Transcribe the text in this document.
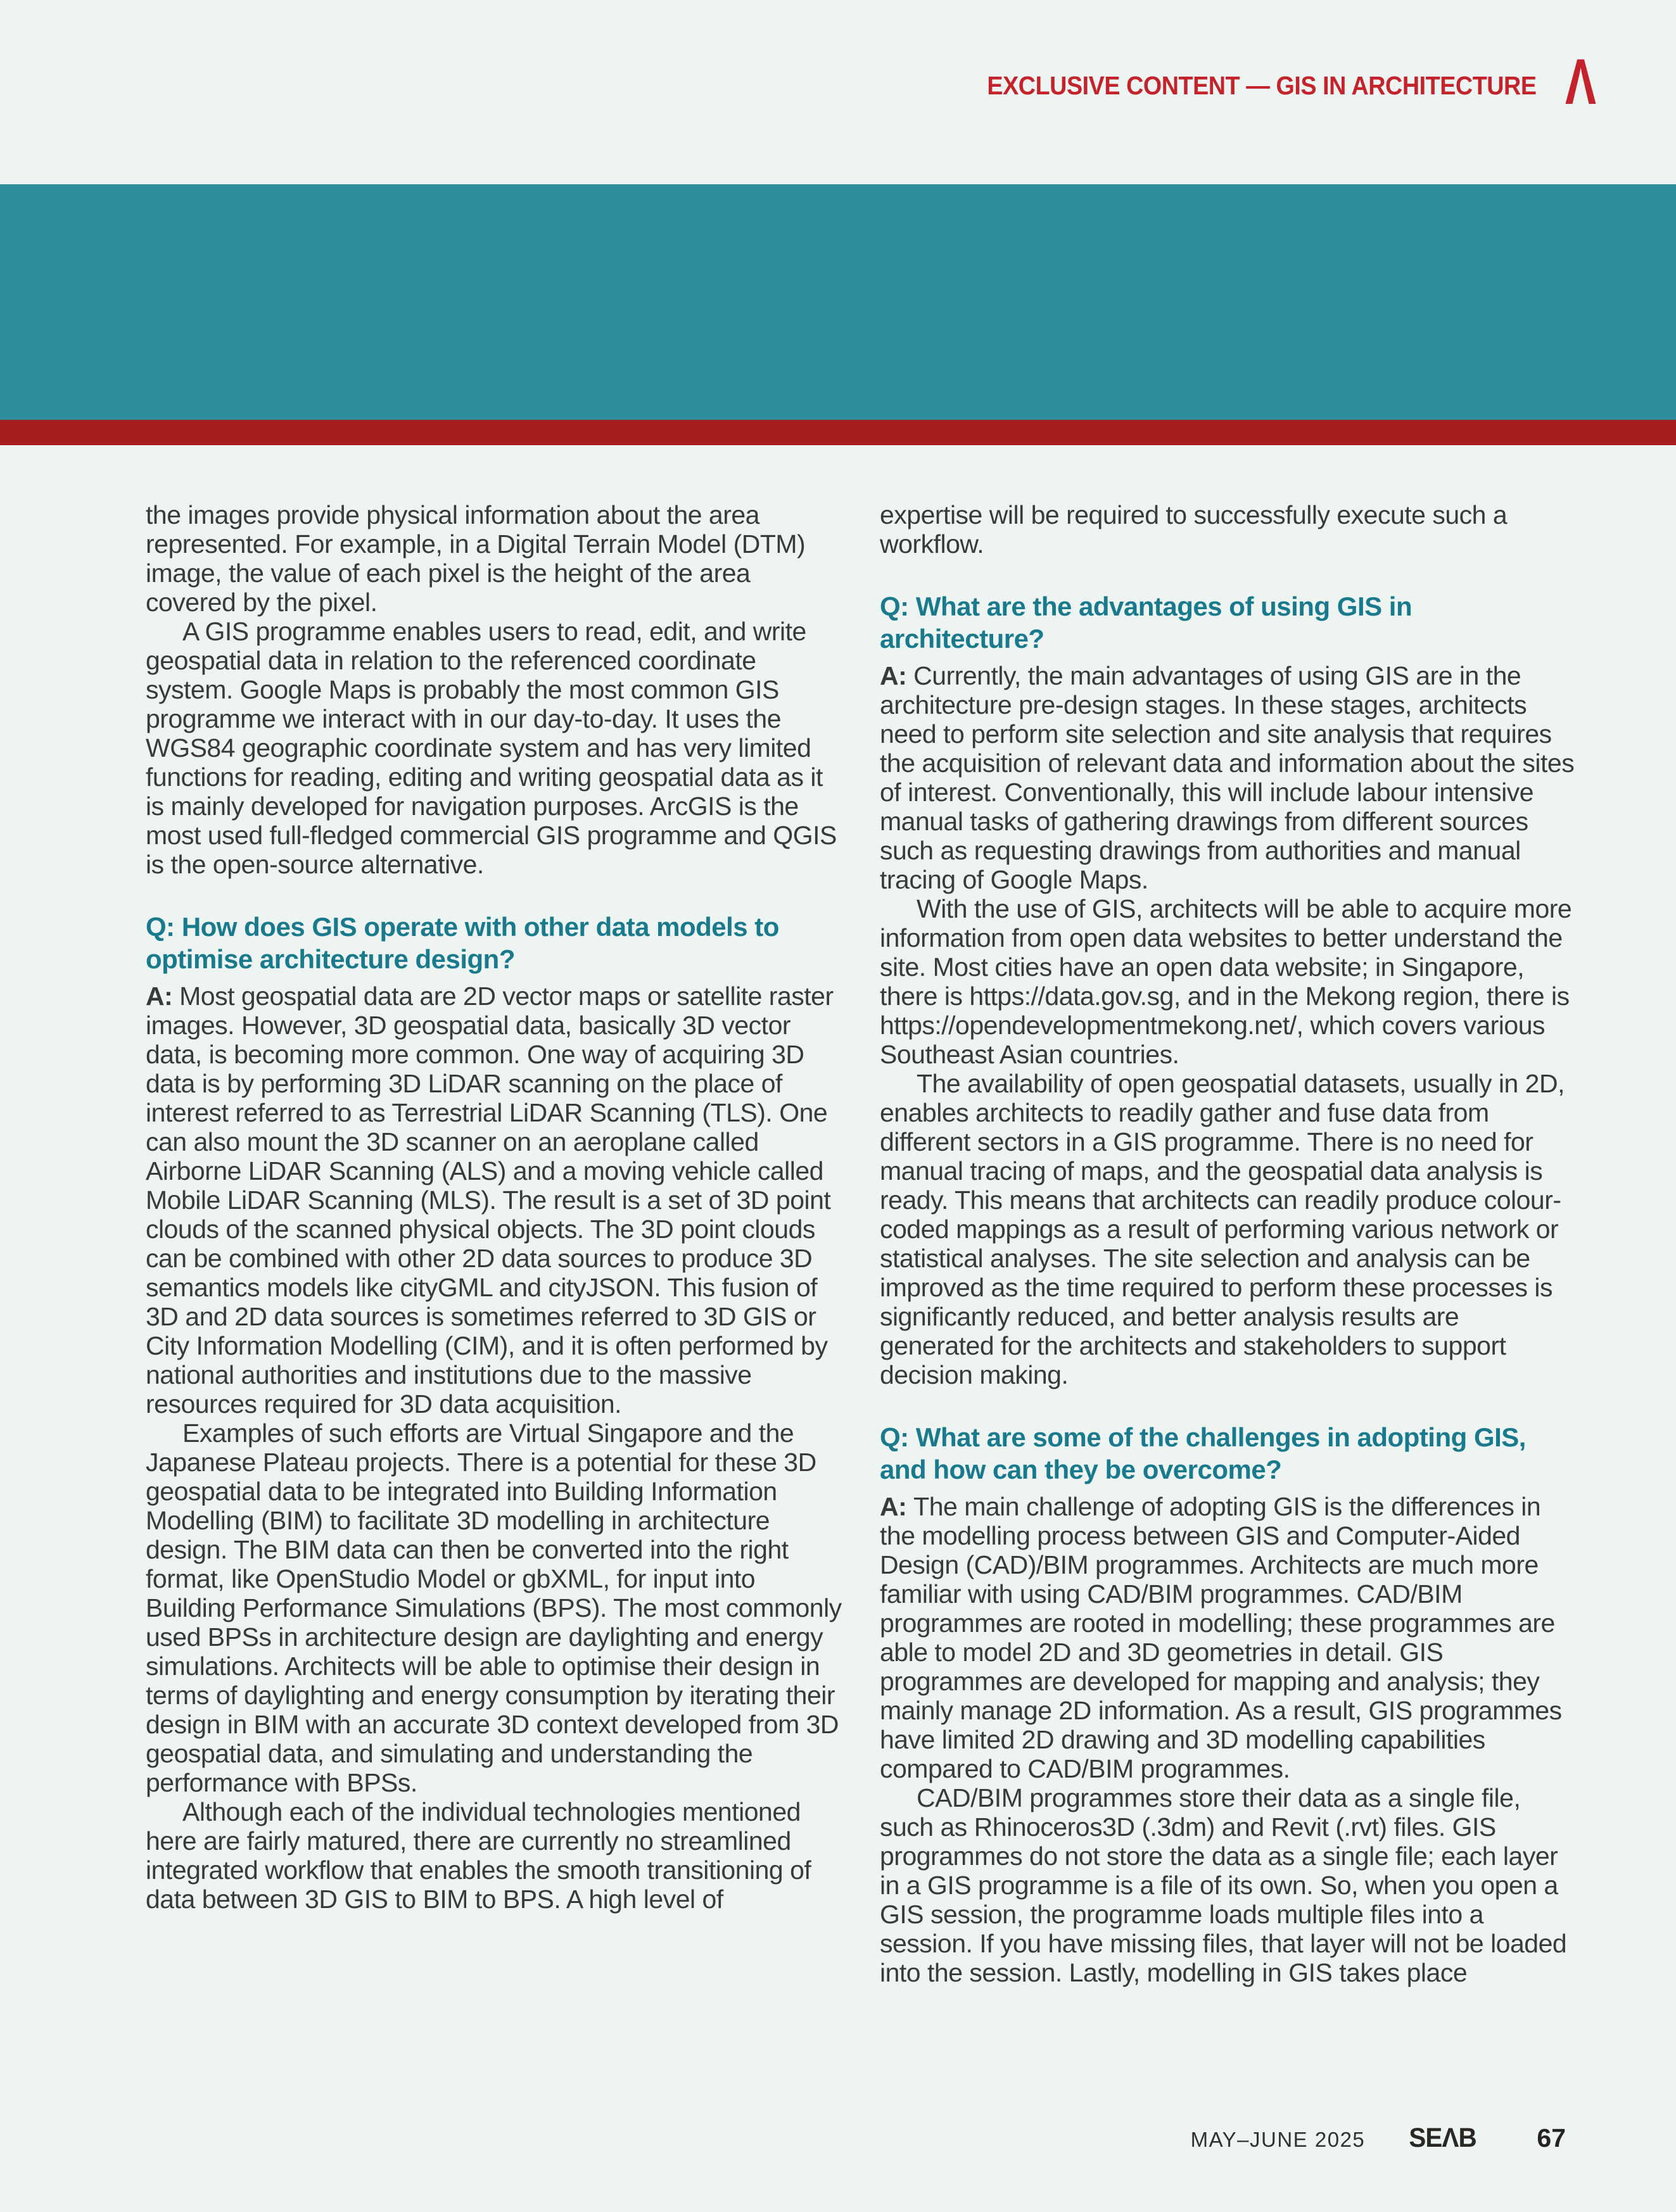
EXCLUSIVE CONTENT — GIS IN ARCHITECTURE Λ

the images provide physical information about the area represented. For example, in a Digital Terrain Model (DTM) image, the value of each pixel is the height of the area covered by the pixel.

A GIS programme enables users to read, edit, and write geospatial data in relation to the referenced coordinate system. Google Maps is probably the most common GIS programme we interact with in our day-to-day. It uses the WGS84 geographic coordinate system and has very limited functions for reading, editing and writing geospatial data as it is mainly developed for navigation purposes. ArcGIS is the most used full-fledged commercial GIS programme and QGIS is the open-source alternative.

Q: How does GIS operate with other data models to optimise architecture design?

A: Most geospatial data are 2D vector maps or satellite raster images. However, 3D geospatial data, basically 3D vector data, is becoming more common. One way of acquiring 3D data is by performing 3D LiDAR scanning on the place of interest referred to as Terrestrial LiDAR Scanning (TLS). One can also mount the 3D scanner on an aeroplane called Airborne LiDAR Scanning (ALS) and a moving vehicle called Mobile LiDAR Scanning (MLS). The result is a set of 3D point clouds of the scanned physical objects. The 3D point clouds can be combined with other 2D data sources to produce 3D semantics models like cityGML and cityJSON. This fusion of 3D and 2D data sources is sometimes referred to 3D GIS or City Information Modelling (CIM), and it is often performed by national authorities and institutions due to the massive resources required for 3D data acquisition.

Examples of such efforts are Virtual Singapore and the Japanese Plateau projects. There is a potential for these 3D geospatial data to be integrated into Building Information Modelling (BIM) to facilitate 3D modelling in architecture design. The BIM data can then be converted into the right format, like OpenStudio Model or gbXML, for input into Building Performance Simulations (BPS). The most commonly used BPSs in architecture design are daylighting and energy simulations. Architects will be able to optimise their design in terms of daylighting and energy consumption by iterating their design in BIM with an accurate 3D context developed from 3D geospatial data, and simulating and understanding the performance with BPSs.

Although each of the individual technologies mentioned here are fairly matured, there are currently no streamlined integrated workflow that enables the smooth transitioning of data between 3D GIS to BIM to BPS. A high level of

expertise will be required to successfully execute such a workflow.

Q: What are the advantages of using GIS in architecture?

A: Currently, the main advantages of using GIS are in the architecture pre-design stages. In these stages, architects need to perform site selection and site analysis that requires the acquisition of relevant data and information about the sites of interest. Conventionally, this will include labour intensive manual tasks of gathering drawings from different sources such as requesting drawings from authorities and manual tracing of Google Maps.

With the use of GIS, architects will be able to acquire more information from open data websites to better understand the site. Most cities have an open data website; in Singapore, there is https://data.gov.sg, and in the Mekong region, there is https://opendevelopmentmekong.net/, which covers various Southeast Asian countries.

The availability of open geospatial datasets, usually in 2D, enables architects to readily gather and fuse data from different sectors in a GIS programme. There is no need for manual tracing of maps, and the geospatial data analysis is ready. This means that architects can readily produce colour-coded mappings as a result of performing various network or statistical analyses. The site selection and analysis can be improved as the time required to perform these processes is significantly reduced, and better analysis results are generated for the architects and stakeholders to support decision making.

Q: What are some of the challenges in adopting GIS, and how can they be overcome?

A: The main challenge of adopting GIS is the differences in the modelling process between GIS and Computer-Aided Design (CAD)/BIM programmes. Architects are much more familiar with using CAD/BIM programmes. CAD/BIM programmes are rooted in modelling; these programmes are able to model 2D and 3D geometries in detail. GIS programmes are developed for mapping and analysis; they mainly manage 2D information. As a result, GIS programmes have limited 2D drawing and 3D modelling capabilities compared to CAD/BIM programmes.

CAD/BIM programmes store their data as a single file, such as Rhinoceros3D (.3dm) and Revit (.rvt) files. GIS programmes do not store the data as a single file; each layer in a GIS programme is a file of its own. So, when you open a GIS session, the programme loads multiple files into a session. If you have missing files, that layer will not be loaded into the session. Lastly, modelling in GIS takes place

MAY–JUNE 2025 SEΛB 67
